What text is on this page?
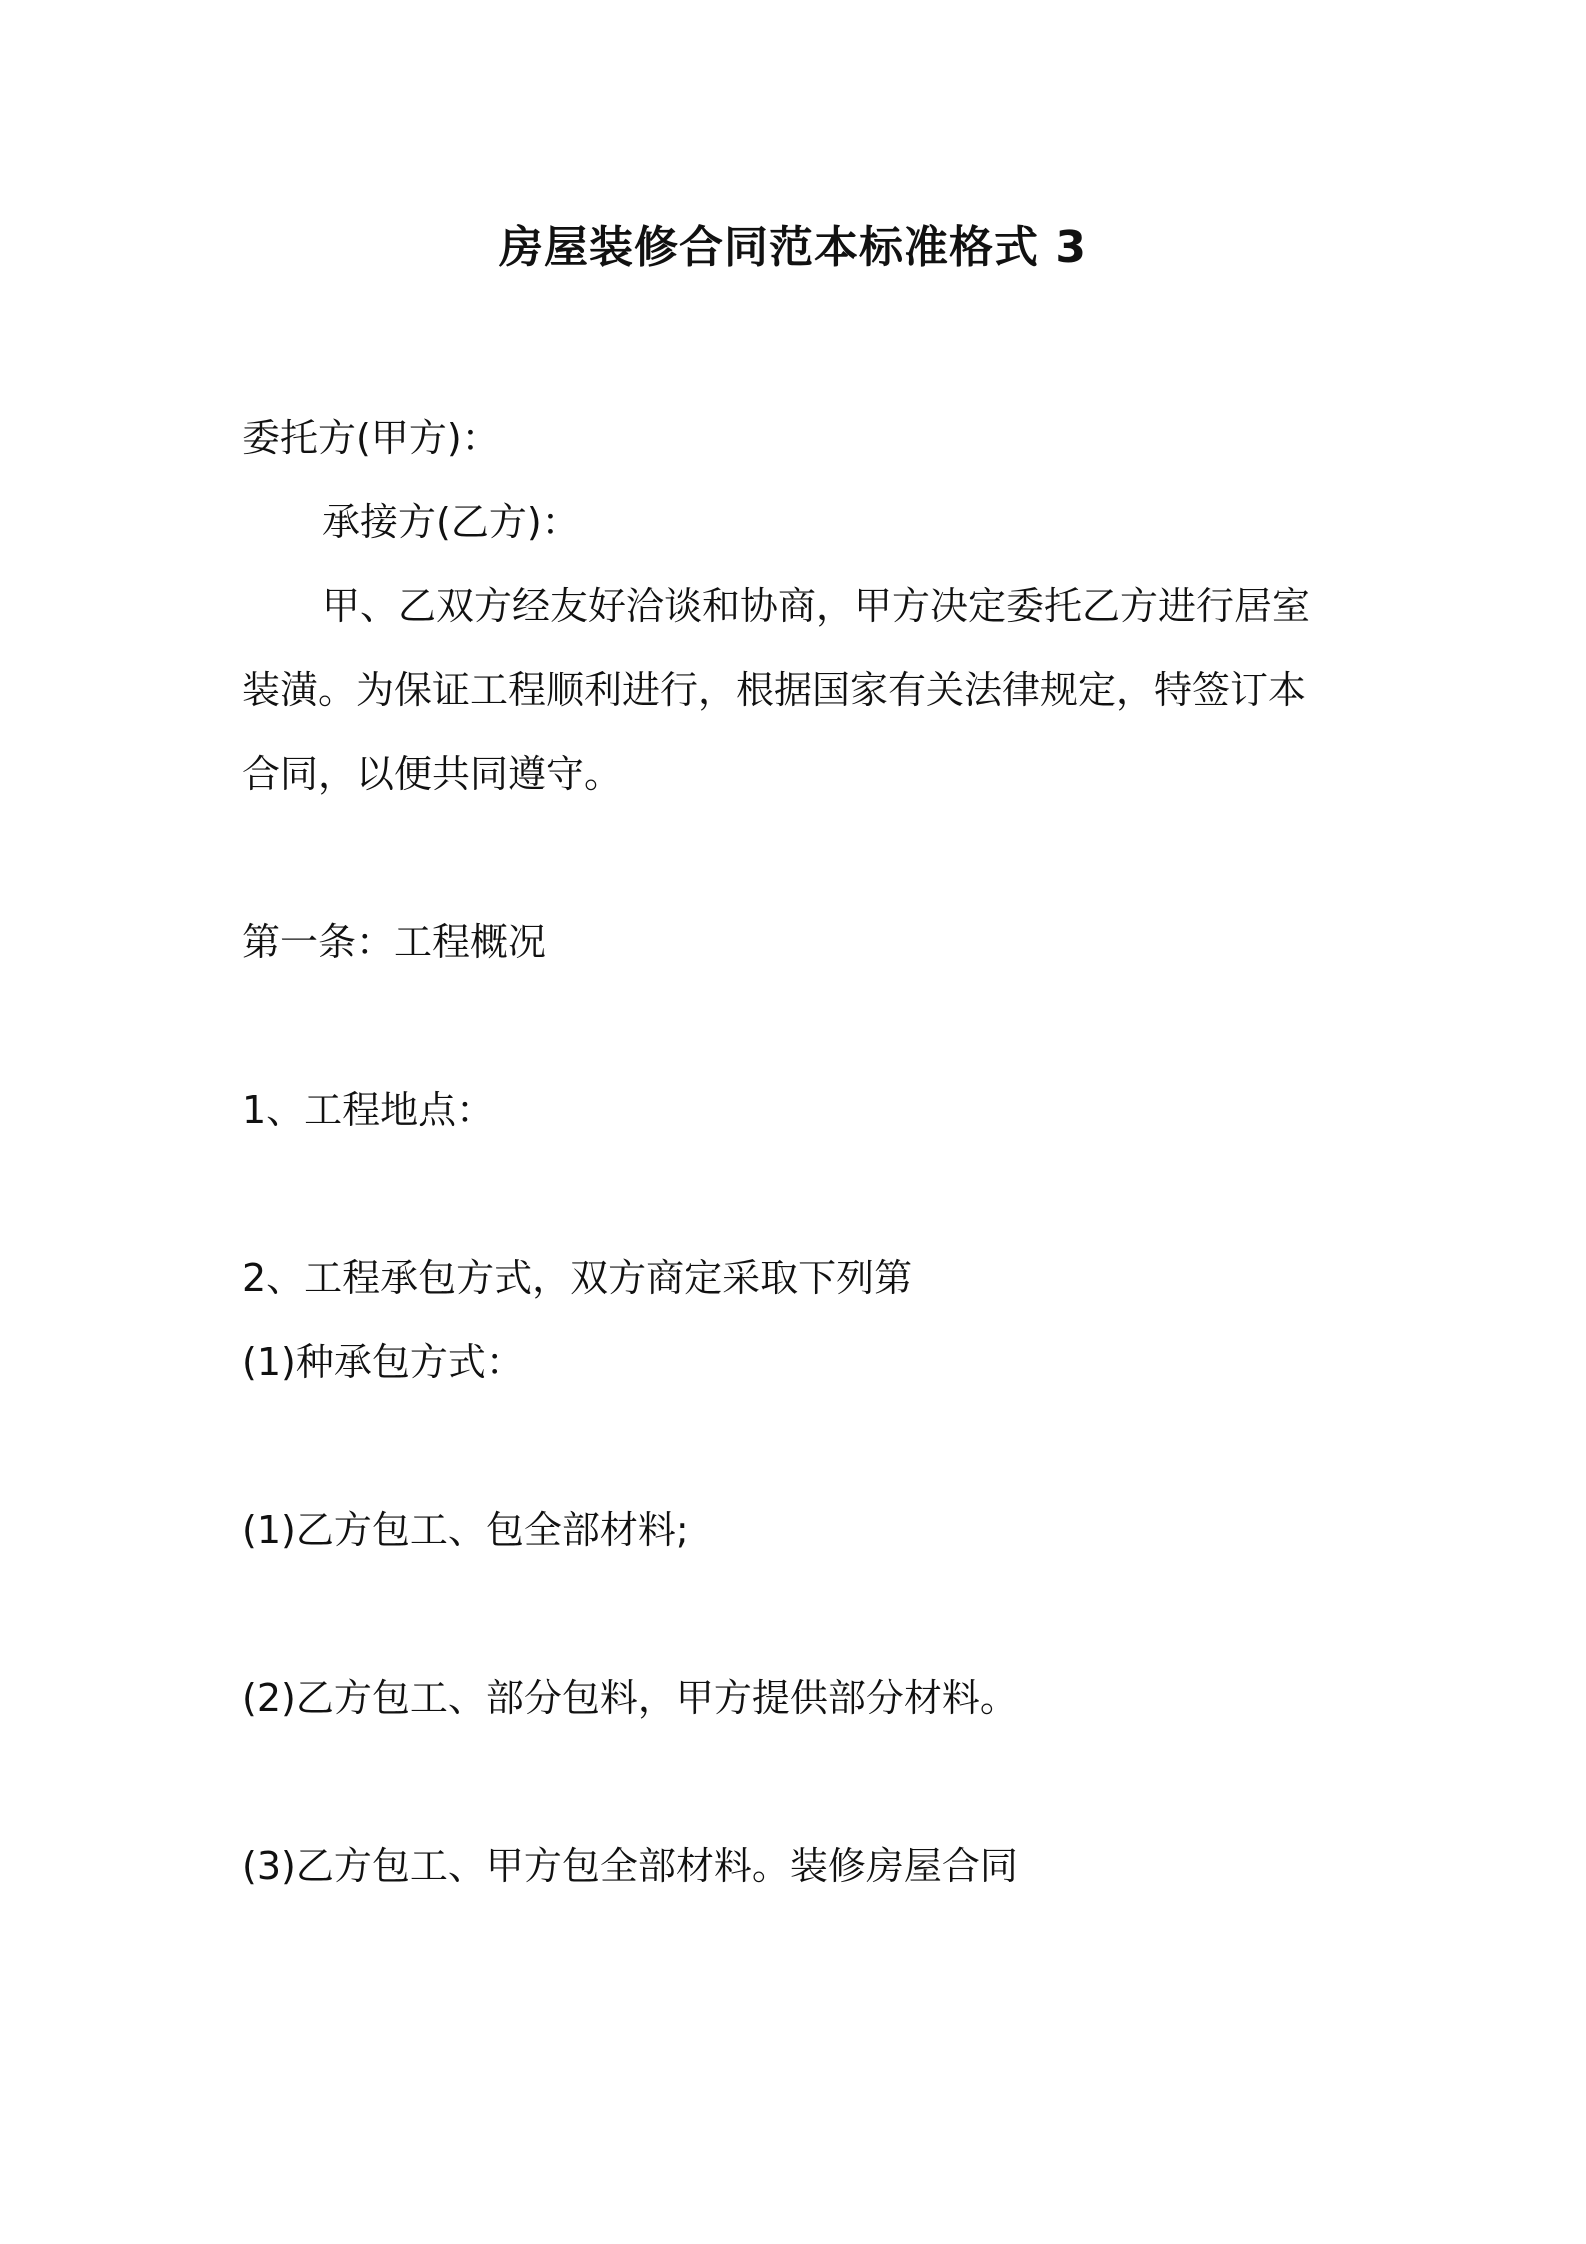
房屋装修合同范本标准格式 3
委托方(甲方)：
承接方(乙方)：
甲、乙双方经友好洽谈和协商，甲方决定委托乙方进行居室
装潢。为保证工程顺利进行，根据国家有关法律规定，特签订本
合同，以便共同遵守。
第一条：工程概况
1、工程地点：
2、工程承包方式，双方商定采取下列第
(1)种承包方式：
(1)乙方包工、包全部材料;
(2)乙方包工、部分包料，甲方提供部分材料。
(3)乙方包工、甲方包全部材料。装修房屋合同
